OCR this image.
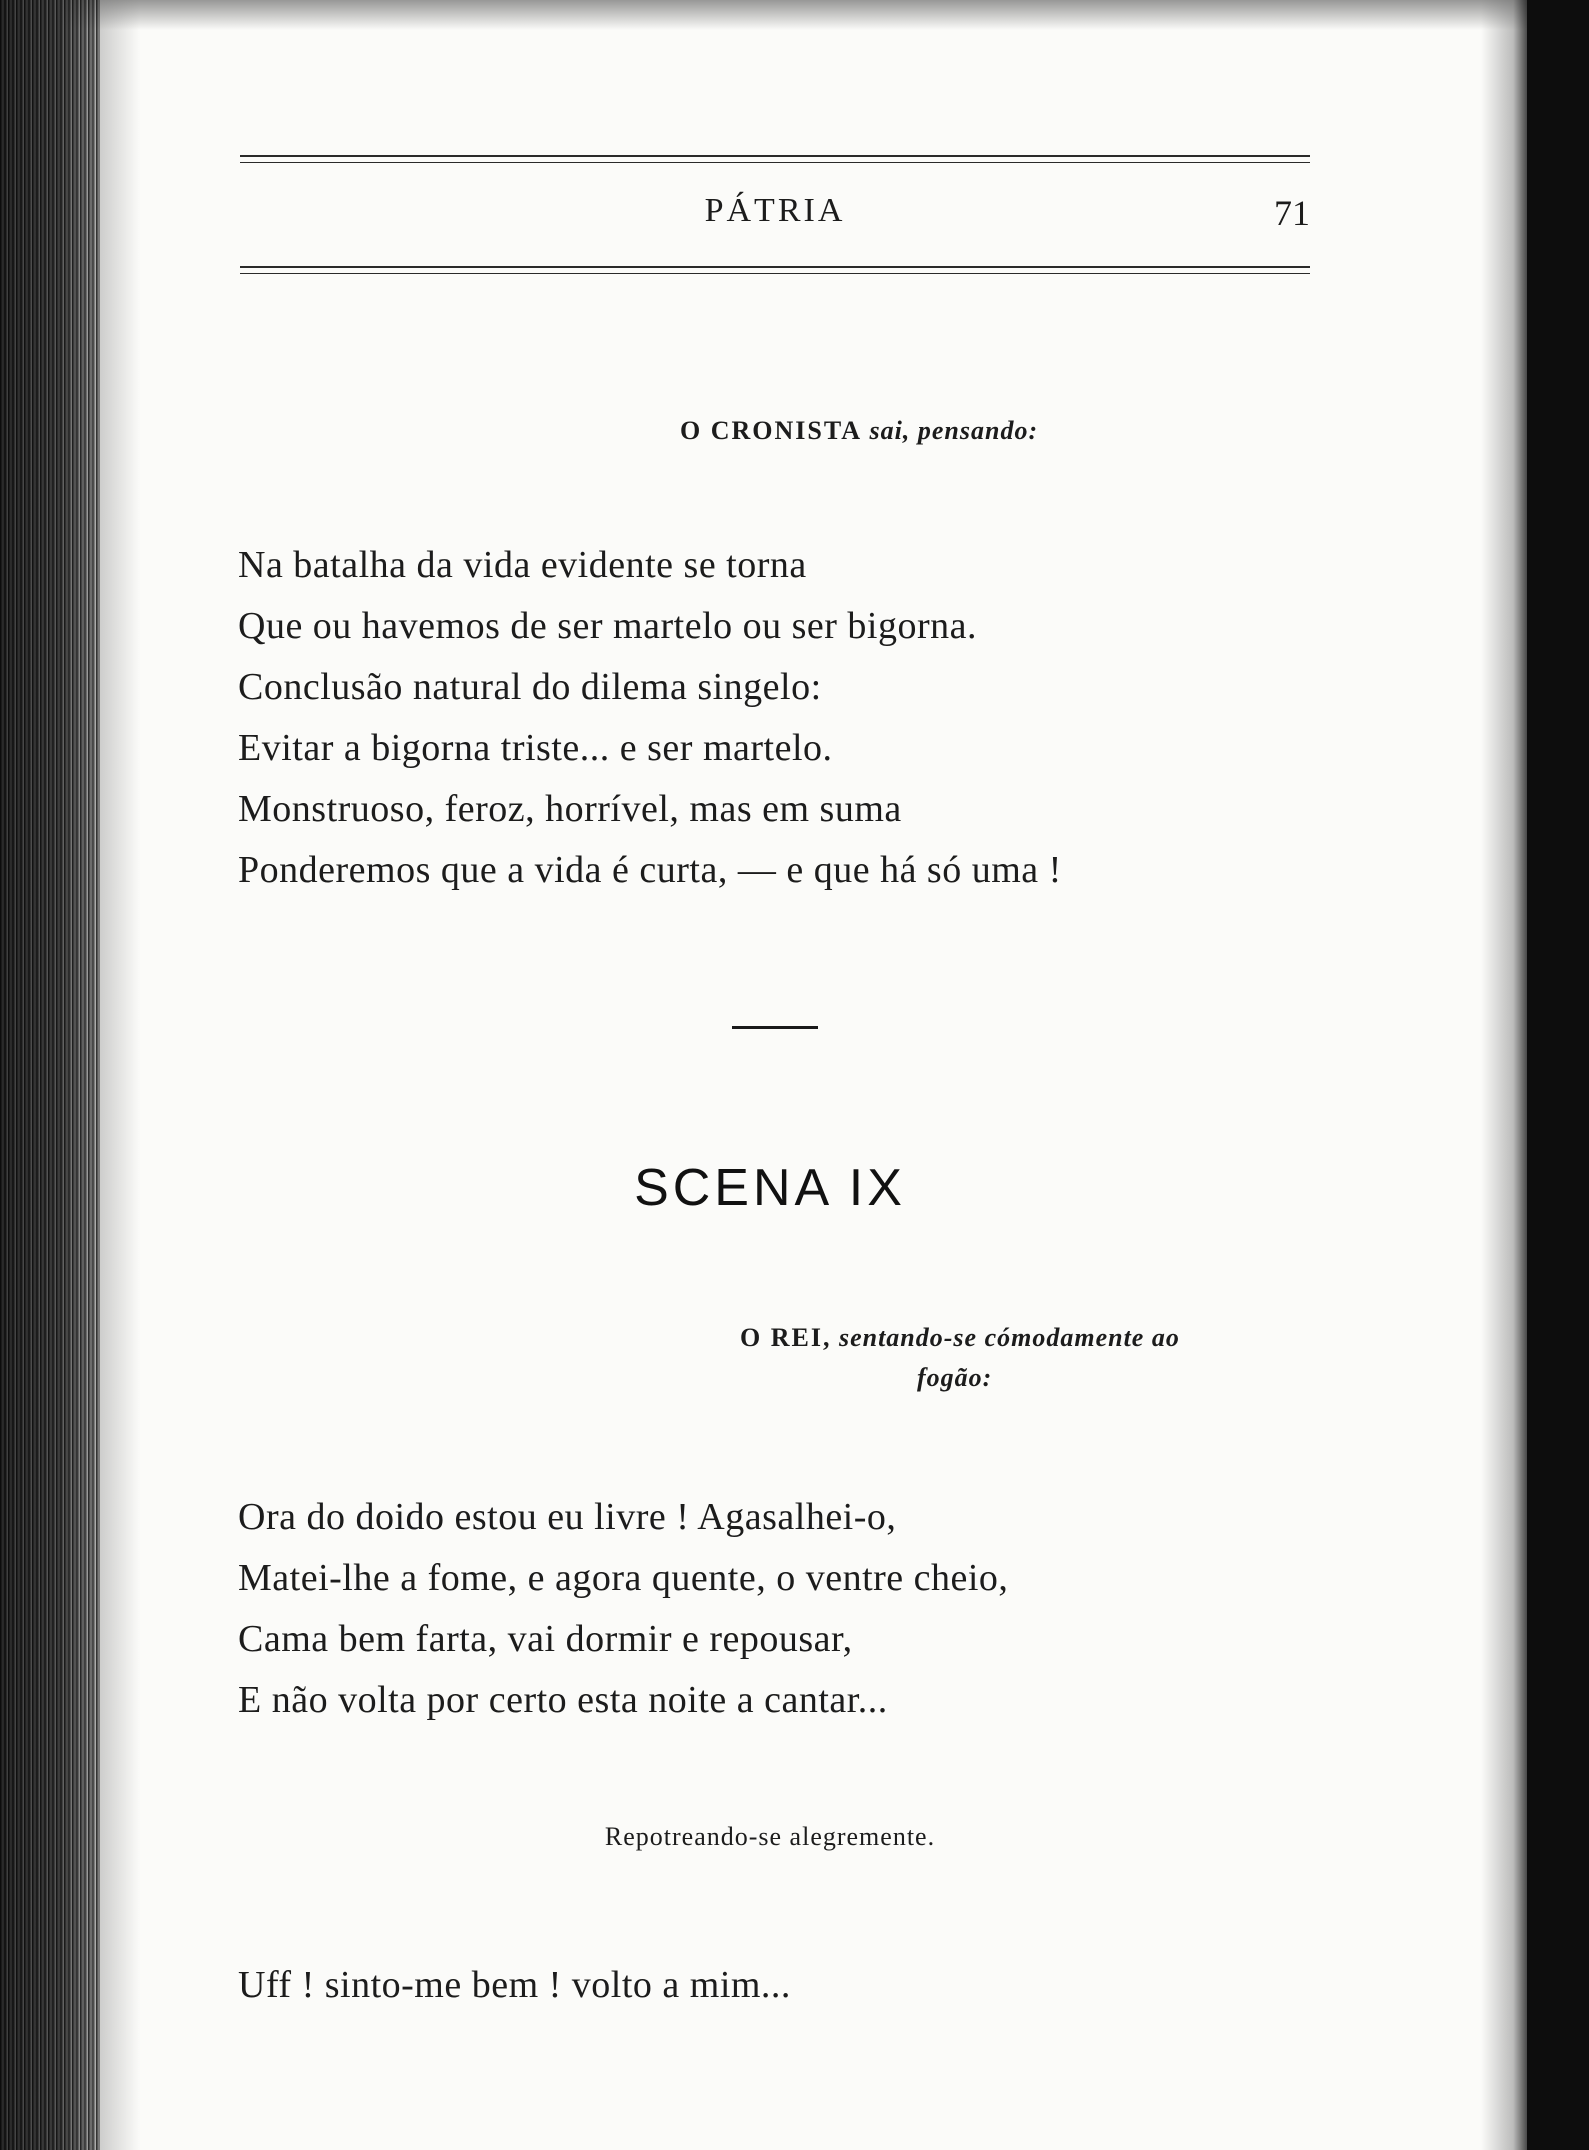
PÁTRIA	71
O CRONISTA sai, pensando:
Na batalha da vida evidente se torna
Que ou havemos de ser martelo ou ser bigorna.
Conclusão natural do dilema singelo:
Evitar a bigorna triste... e ser martelo.
Monstruoso, feroz, horrível, mas em suma
Ponderemos que a vida é curta, — e que há só uma !
SCENA IX
O REI, sentando-se cómodamente ao
fogão:
Ora do doido estou eu livre ! Agasalhei-o,
Matei-lhe a fome, e agora quente, o ventre cheio,
Cama bem farta, vai dormir e repousar,
E não volta por certo esta noite a cantar...
Repotreando-se alegremente.
Uff ! sinto-me bem ! volto a mim...
